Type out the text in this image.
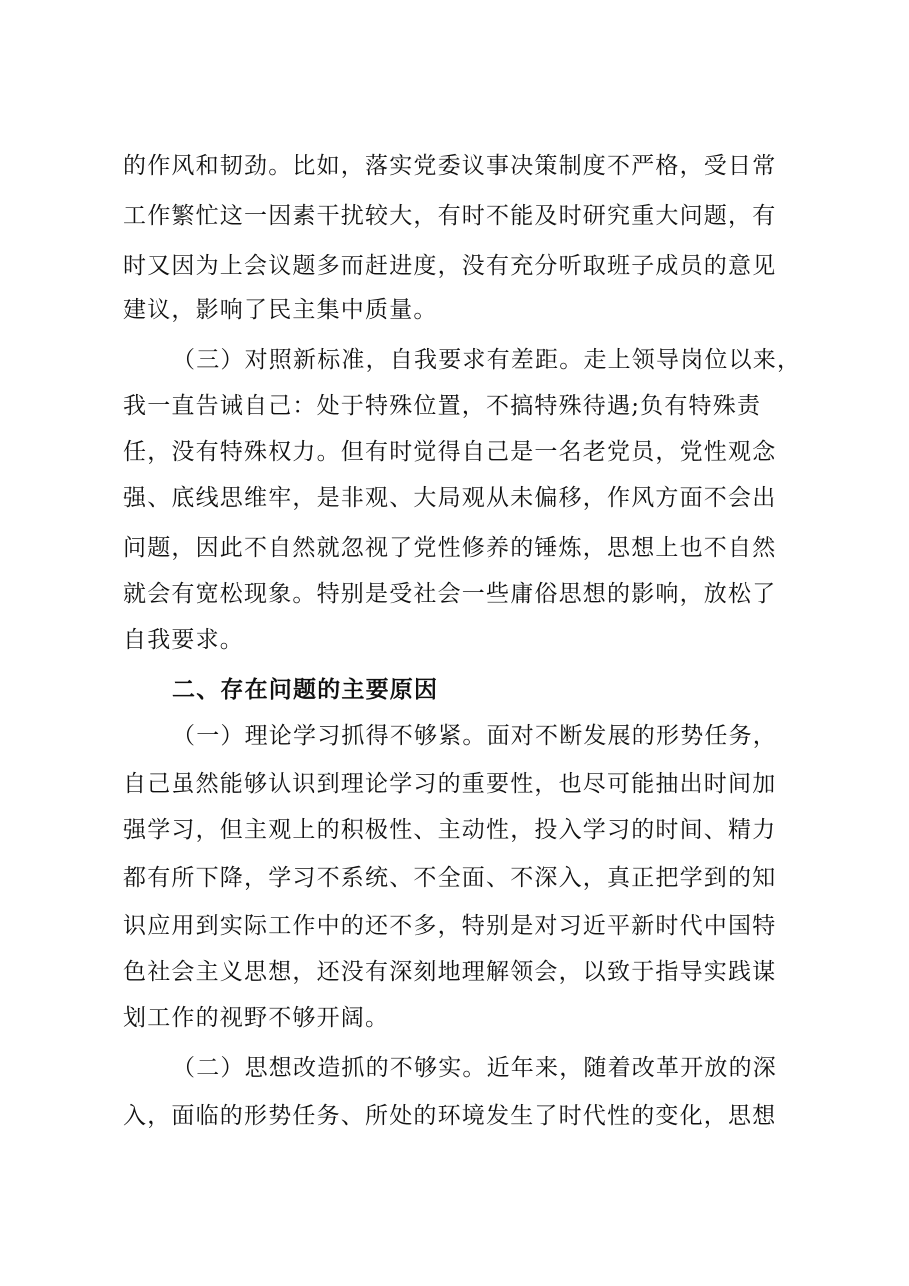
的作风和韧劲。比如，落实党委议事决策制度不严格，受日常
工作繁忙这一因素干扰较大，有时不能及时研究重大问题，有
时又因为上会议题多而赶进度，没有充分听取班子成员的意见
建议，影响了民主集中质量。
（三）对照新标准，自我要求有差距。走上领导岗位以来，
我一直告诫自己：处于特殊位置，不搞特殊待遇;负有特殊责
任，没有特殊权力。但有时觉得自己是一名老党员，党性观念
强、底线思维牢，是非观、大局观从未偏移，作风方面不会出
问题，因此不自然就忽视了党性修养的锤炼，思想上也不自然
就会有宽松现象。特别是受社会一些庸俗思想的影响，放松了
自我要求。
二、存在问题的主要原因
（一）理论学习抓得不够紧。面对不断发展的形势任务，
自己虽然能够认识到理论学习的重要性，也尽可能抽出时间加
强学习，但主观上的积极性、主动性，投入学习的时间、精力
都有所下降，学习不系统、不全面、不深入，真正把学到的知
识应用到实际工作中的还不多，特别是对习近平新时代中国特
色社会主义思想，还没有深刻地理解领会，以致于指导实践谋
划工作的视野不够开阔。
（二）思想改造抓的不够实。近年来，随着改革开放的深
入，面临的形势任务、所处的环境发生了时代性的变化，思想
